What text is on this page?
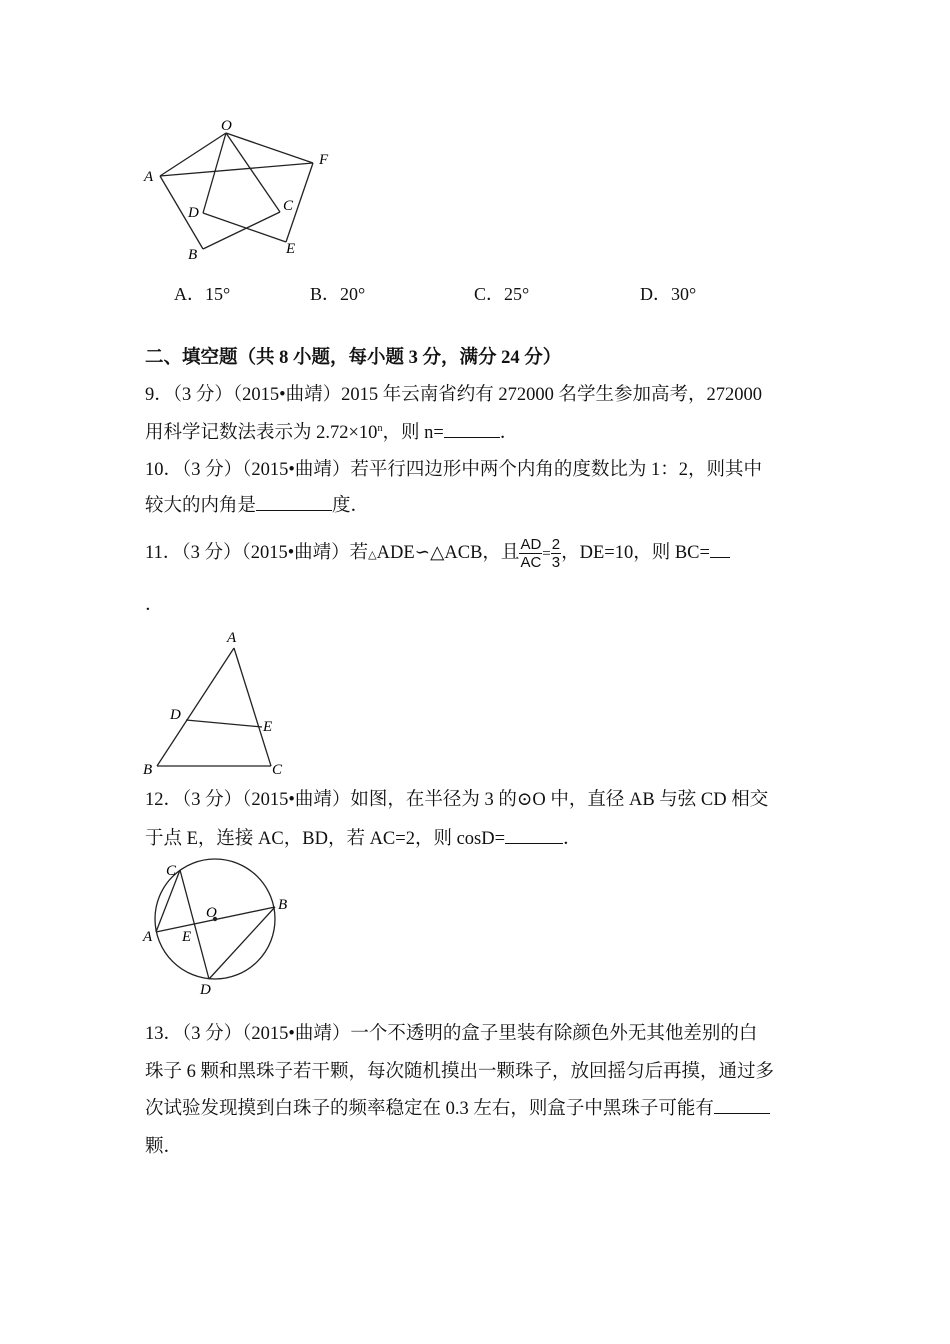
O
A
F
D	C
B	E
A．15°	B．20°	C．25°	D．30°
二、填空题（共 8 小题，每小题 3 分，满分 24 分）
9．（3 分）（2015•曲靖）2015 年云南省约有 272000 名学生参加高考，272000
用科学记数法表示为 $2.72\times 10^n$，则 n=	．
10．（3 分）（2015•曲靖）若平行四边形中两个内角的度数比为 1：2，则其中
较大的内角是	度．
11．（3 分）（2015•曲靖）若△ADE∽△ACB，且 $\frac{AD}{AC} = \frac{2}{3}$ ，DE=10，则 BC=
．
A
D
E
B	C
12．（3 分）（2015•曲靖）如图，在半径为 3 的⊙O 中，直径 AB 与弦 CD 相交
于点 E，连接 AC，BD，若 AC=2，则 cosD=	．
C
O	B
A E
D
13．（3 分）（2015•曲靖）一个不透明的盒子里装有除颜色外无其他差别的白
珠子 6 颗和黑珠子若干颗，每次随机摸出一颗珠子，放回摇匀后再摸，通过多
次试验发现摸到白珠子的频率稳定在 0.3 左右，则盒子中黑珠子可能有
颗．
